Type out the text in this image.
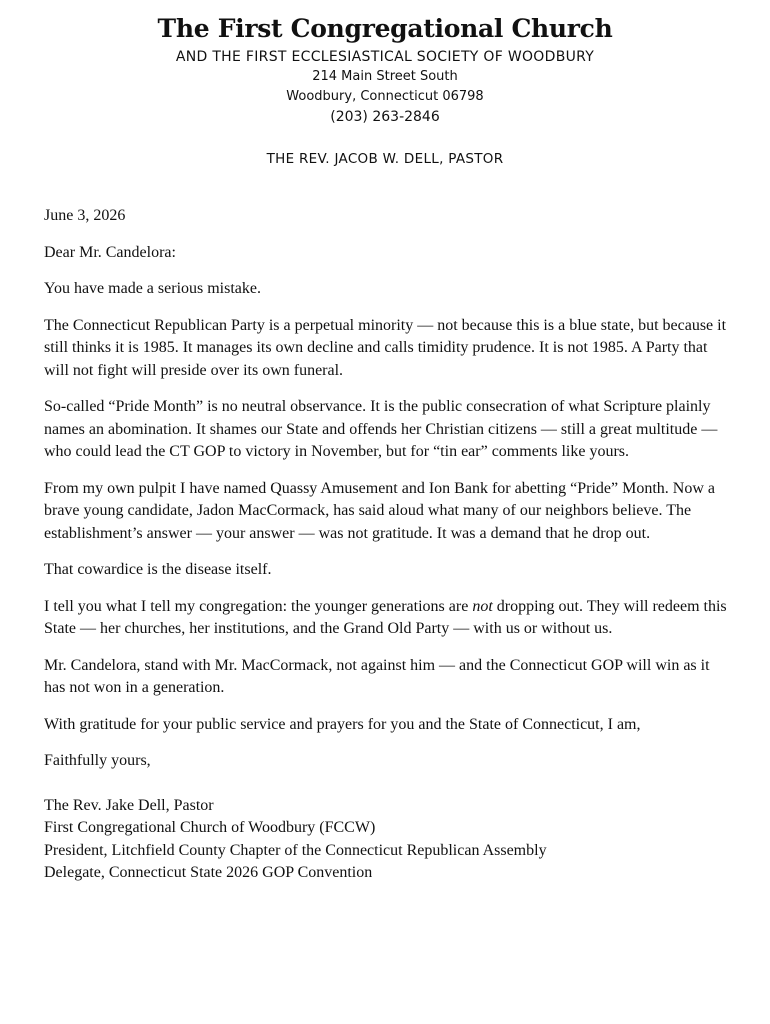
The First Congregational Church
AND THE FIRST ECCLESIASTICAL SOCIETY OF WOODBURY
214 Main Street South
Woodbury, Connecticut 06798
(203) 263-2846
THE REV. JACOB W. DELL, PASTOR

June 3, 2026

Dear Mr. Candelora:

You have made a serious mistake.

The Connecticut Republican Party is a perpetual minority — not because this is a blue state, but because it still thinks it is 1985. It manages its own decline and calls timidity prudence. It is not 1985. A Party that will not fight will preside over its own funeral.

So-called “Pride Month” is no neutral observance. It is the public consecration of what Scripture plainly names an abomination. It shames our State and offends her Christian citizens — still a great multitude — who could lead the CT GOP to victory in November, but for “tin ear” comments like yours.

From my own pulpit I have named Quassy Amusement and Ion Bank for abetting “Pride” Month. Now a brave young candidate, Jadon MacCormack, has said aloud what many of our neighbors believe. The establishment’s answer — your answer — was not gratitude. It was a demand that he drop out.

That cowardice is the disease itself.

I tell you what I tell my congregation: the younger generations are not dropping out. They will redeem this State — her churches, her institutions, and the Grand Old Party — with us or without us.

Mr. Candelora, stand with Mr. MacCormack, not against him — and the Connecticut GOP will win as it has not won in a generation.

With gratitude for your public service and prayers for you and the State of Connecticut, I am,

Faithfully yours,

The Rev. Jake Dell, Pastor

First Congregational Church of Woodbury (FCCW)

President, Litchfield County Chapter of the Connecticut Republican Assembly

Delegate, Connecticut State 2026 GOP Convention
